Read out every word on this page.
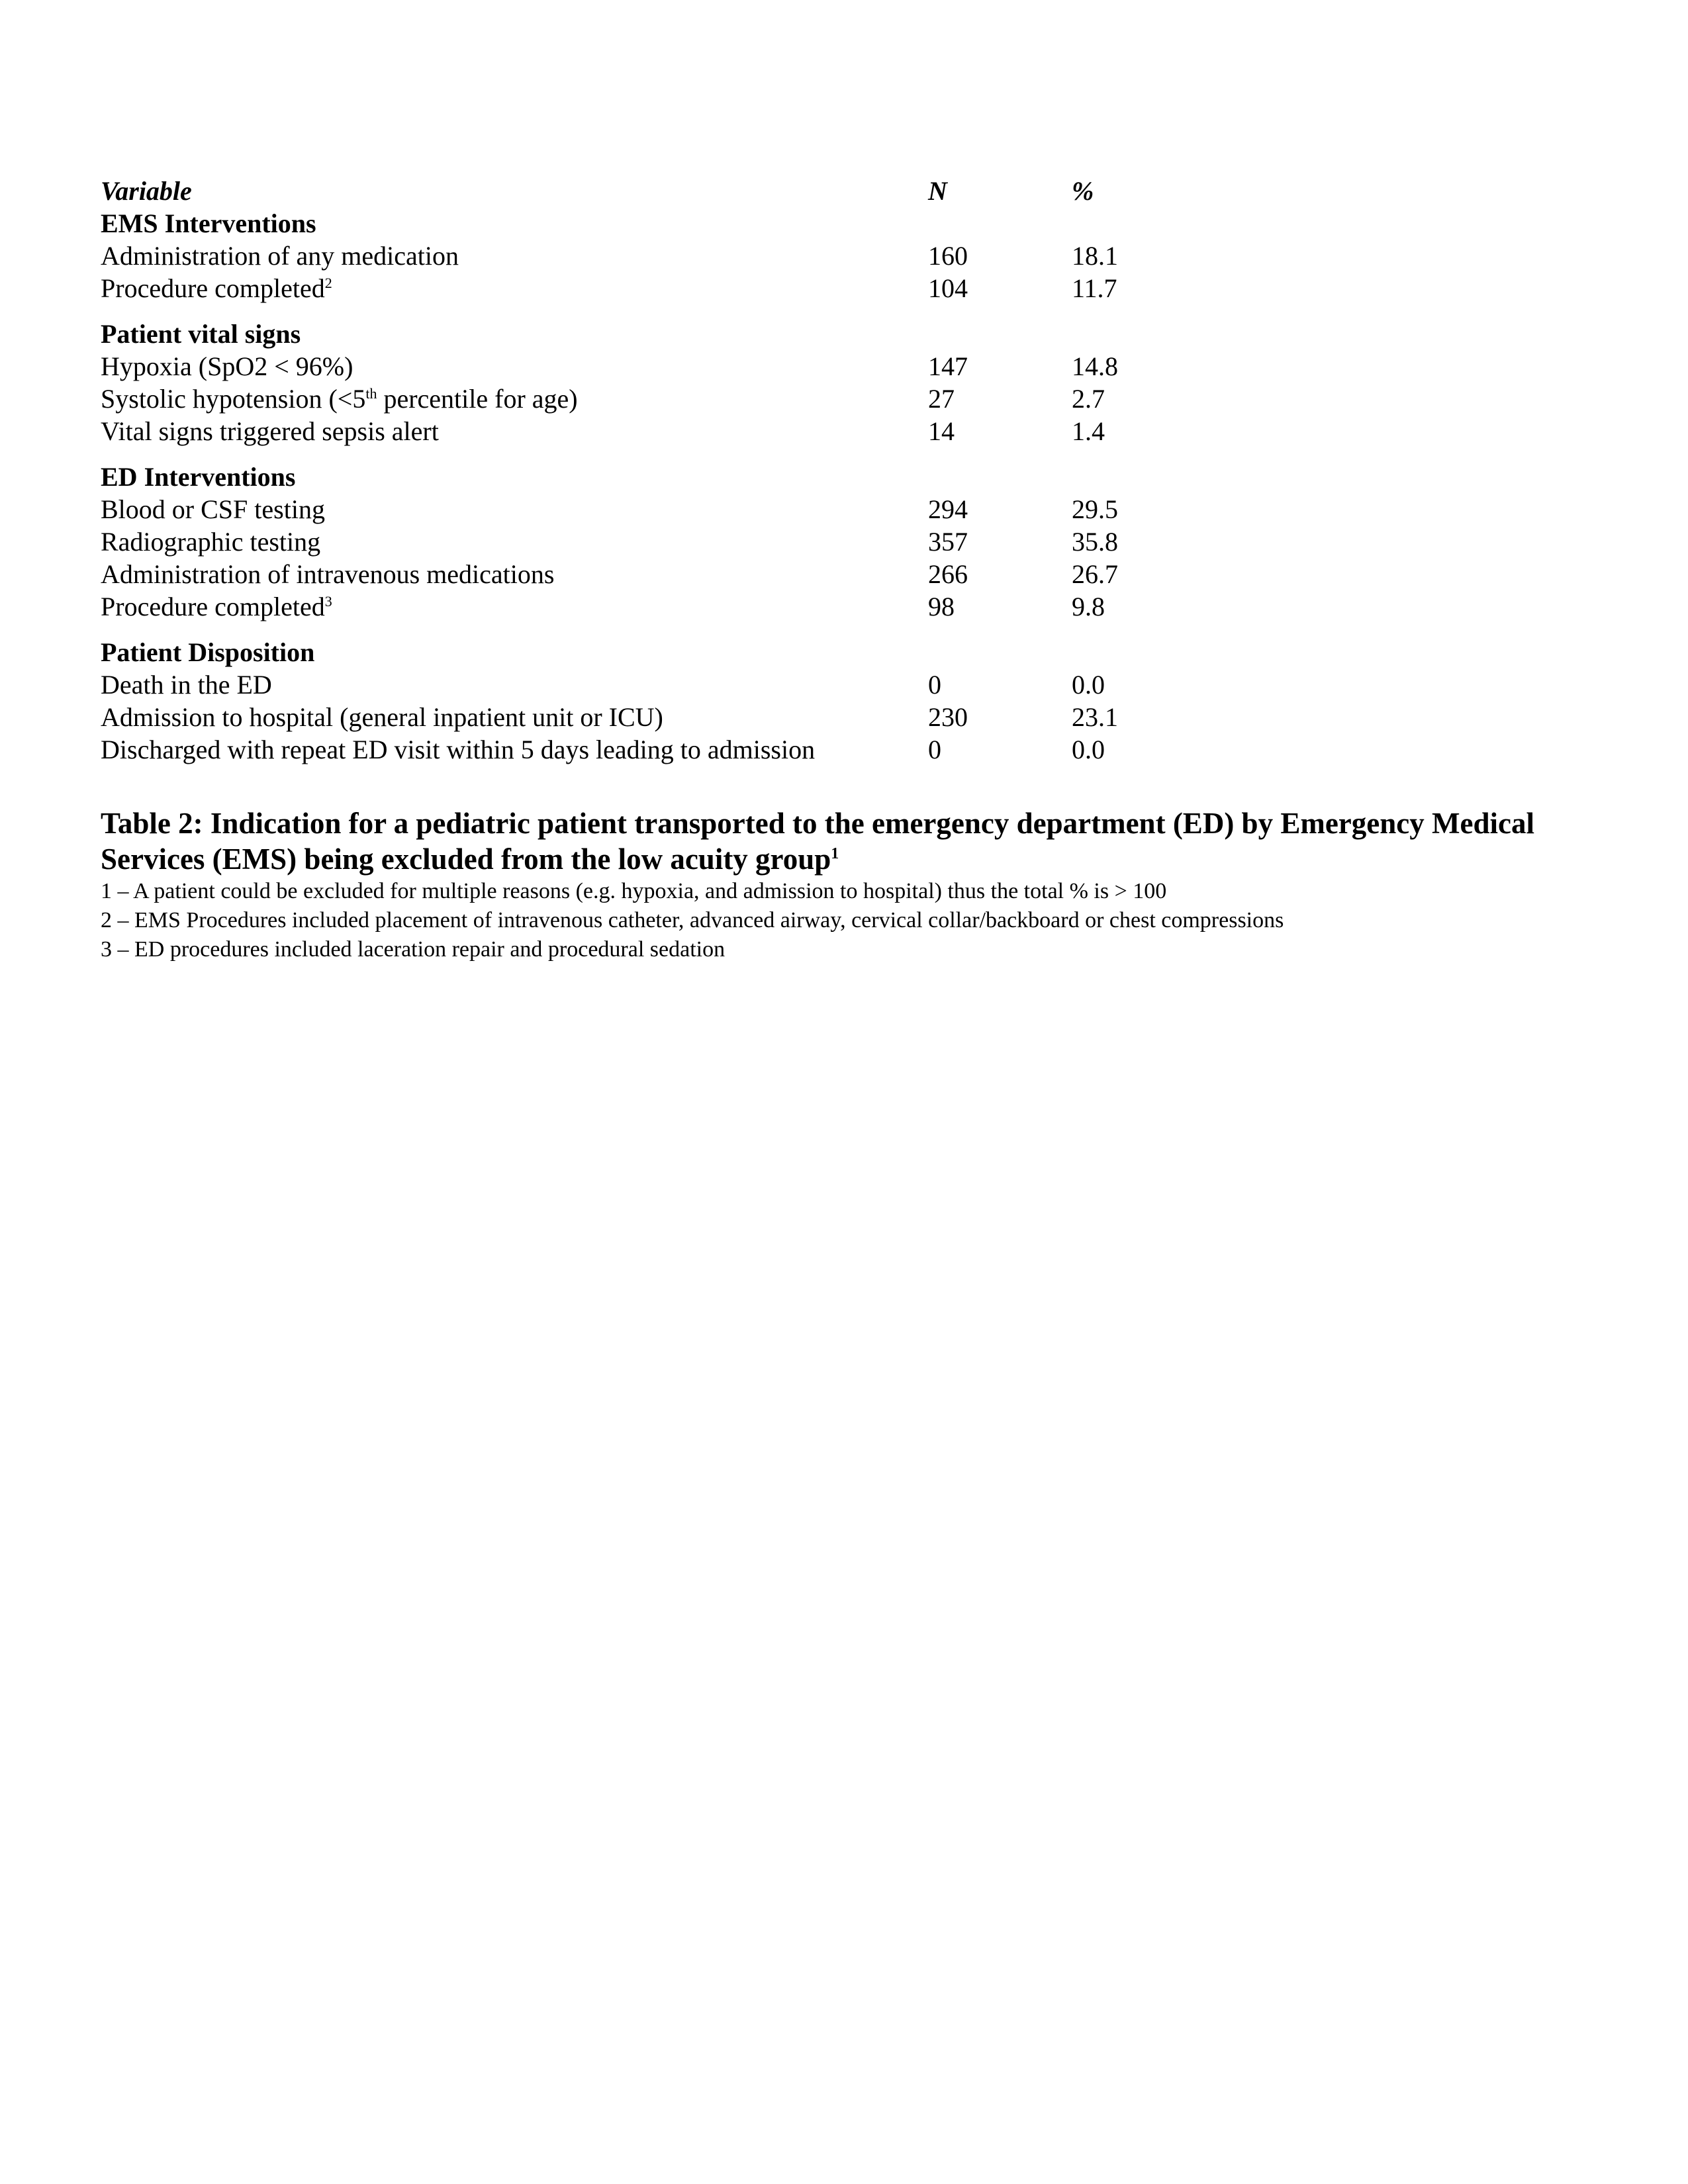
Variable	N	%
EMS Interventions
Administration of any medication	160	18.1
Procedure completed$^2$	104	11.7
Patient vital signs
Hypoxia (SpO2 < 96%)	147	14.8
Systolic hypotension (<5th percentile for age)	27	2.7
Vital signs triggered sepsis alert	14	1.4
ED Interventions
Blood or CSF testing	294	29.5
Radiographic testing	357	35.8
Administration of intravenous medications	266	26.7
Procedure completed$^3$	98	9.8
Patient Disposition
Death in the ED	0	0.0
Admission to hospital (general inpatient unit or ICU)	230	23.1
Discharged with repeat ED visit within 5 days leading to admission	0	0.0
Table 2: Indication for a pediatric patient transported to the emergency department (ED) by Emergency Medical Services (EMS) being excluded from the low acuity group$^1$
1 – A patient could be excluded for multiple reasons (e.g. hypoxia, and admission to hospital) thus the total % is > 100
2 – EMS Procedures included placement of intravenous catheter, advanced airway, cervical collar/backboard or chest compressions
3 – ED procedures included laceration repair and procedural sedation
